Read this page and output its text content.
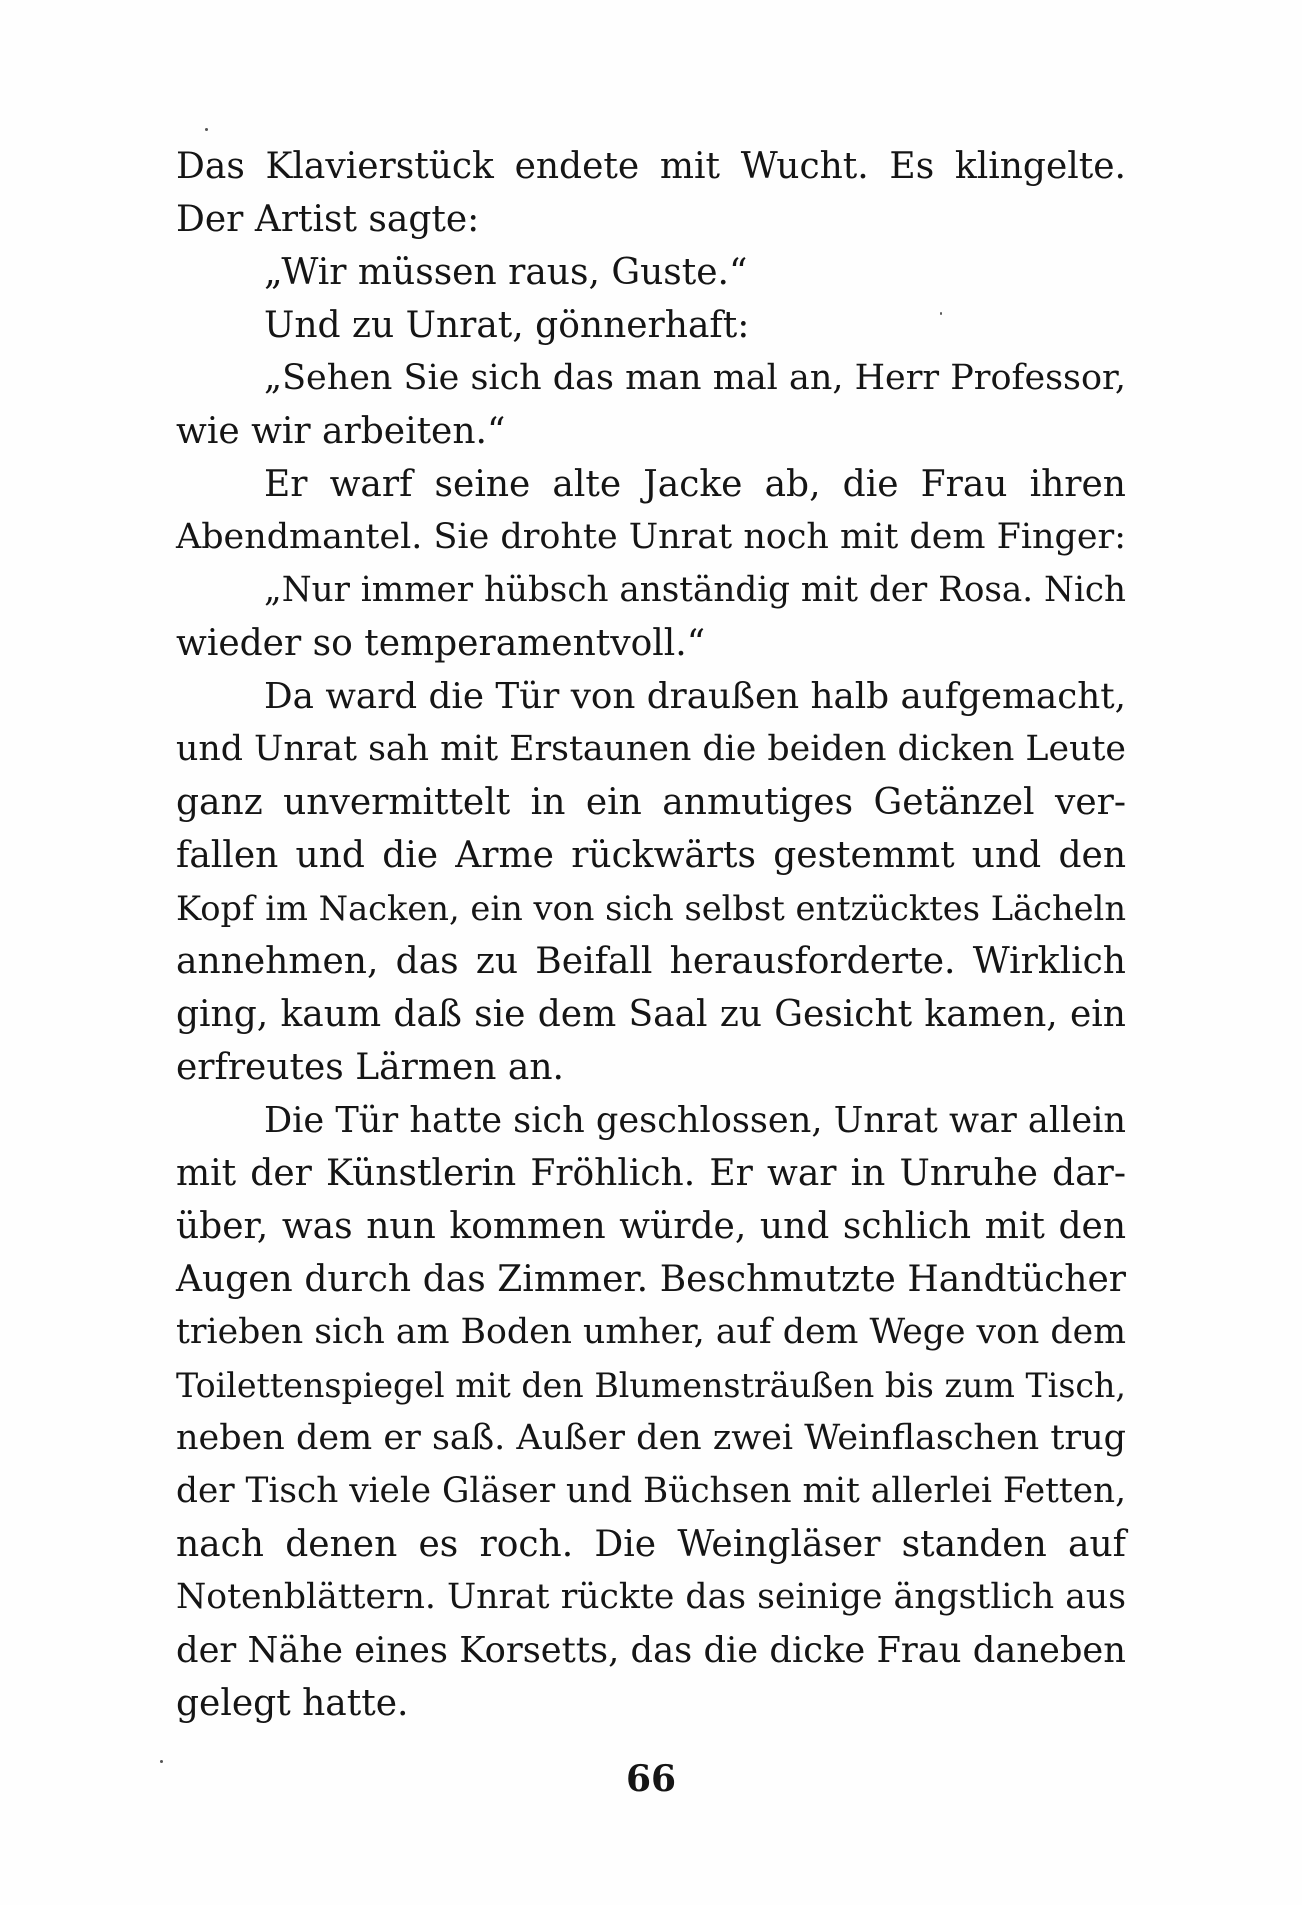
Das Klavierstück endete mit Wucht. Es klingelte.
Der Artist sagte:
„Wir müssen raus, Guste.“
Und zu Unrat, gönnerhaft:
„Sehen Sie sich das man mal an, Herr Professor,
wie wir arbeiten.“
Er warf seine alte Jacke ab, die Frau ihren
Abendmantel. Sie drohte Unrat noch mit dem Finger:
„Nur immer hübsch anständig mit der Rosa. Nich
wieder so temperamentvoll.“
Da ward die Tür von draußen halb aufgemacht,
und Unrat sah mit Erstaunen die beiden dicken Leute
ganz unvermittelt in ein anmutiges Getänzel ver-
fallen und die Arme rückwärts gestemmt und den
Kopf im Nacken, ein von sich selbst entzücktes Lächeln
annehmen, das zu Beifall herausforderte. Wirklich
ging, kaum daß sie dem Saal zu Gesicht kamen, ein
erfreutes Lärmen an.
Die Tür hatte sich geschlossen, Unrat war allein
mit der Künstlerin Fröhlich. Er war in Unruhe dar-
über, was nun kommen würde, und schlich mit den
Augen durch das Zimmer. Beschmutzte Handtücher
trieben sich am Boden umher, auf dem Wege von dem
Toilettenspiegel mit den Blumensträußen bis zum Tisch,
neben dem er saß. Außer den zwei Weinflaschen trug
der Tisch viele Gläser und Büchsen mit allerlei Fetten,
nach denen es roch. Die Weingläser standen auf
Notenblättern. Unrat rückte das seinige ängstlich aus
der Nähe eines Korsetts, das die dicke Frau daneben
gelegt hatte.
66
